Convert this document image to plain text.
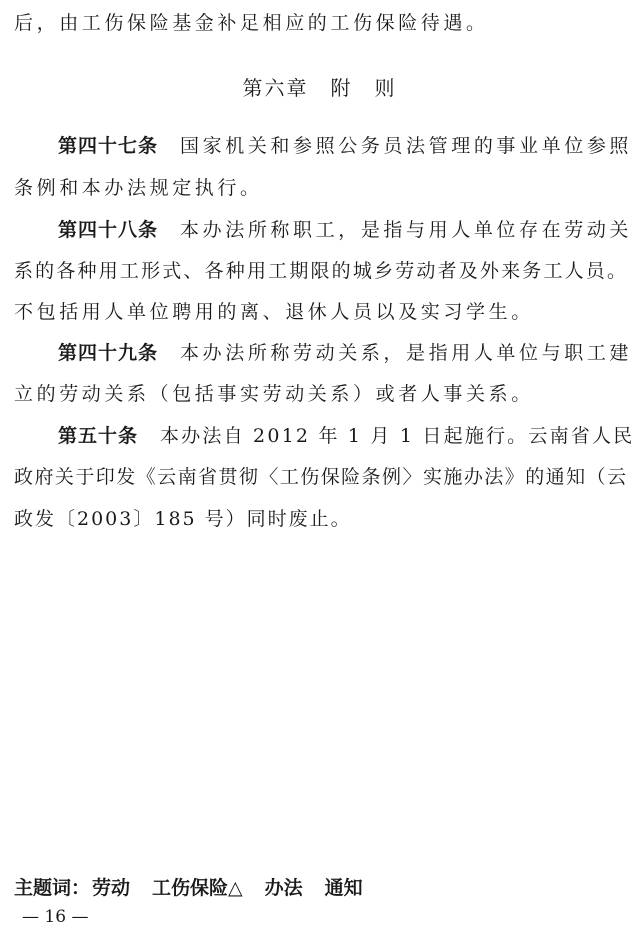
后，由工伤保险基金补足相应的工伤保险待遇。
第六章　附　则
第四十七条 国家机关和参照公务员法管理的事业单位参照
条例和本办法规定执行。
第四十八条 本办法所称职工，是指与用人单位存在劳动关
系的各种用工形式、各种用工期限的城乡劳动者及外来务工人员。
不包括用人单位聘用的离、退休人员以及实习学生。
第四十九条 本办法所称劳动关系，是指用人单位与职工建
立的劳动关系（包括事实劳动关系）或者人事关系。
第五十条 本办法自 2012 年 1 月 1 日起施行。云南省人民
政府关于印发《云南省贯彻〈工伤保险条例〉实施办法》的通知（云
政发〔2003〕185 号）同时废止。
主题词： 劳动 工伤保险△ 办法 通知
— 16 —
